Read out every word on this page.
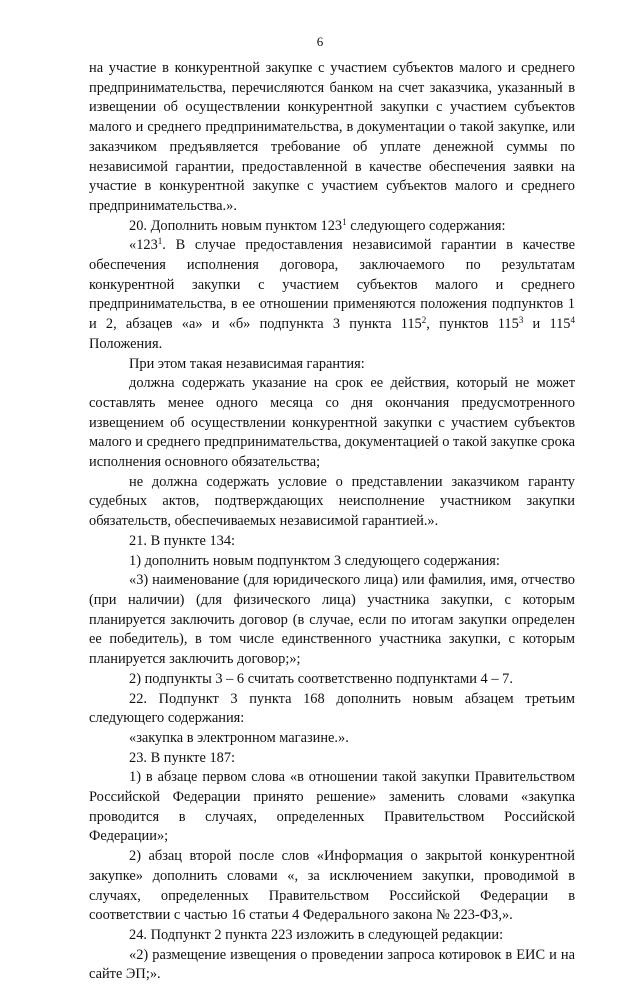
6

на участие в конкурентной закупке с участием субъектов малого и среднего предпринимательства, перечисляются банком на счет заказчика, указанный в извещении об осуществлении конкурентной закупки с участием субъектов малого и среднего предпринимательства, в документации о такой закупке, или заказчиком предъявляется требование об уплате денежной суммы по независимой гарантии, предоставленной в качестве обеспечения заявки на участие в конкурентной закупке с участием субъектов малого и среднего предпринимательства.».

20. Дополнить новым пунктом $123^1$ следующего содержания:

«$123^1$. В случае предоставления независимой гарантии в качестве обеспечения исполнения договора, заключаемого по результатам конкурентной закупки с участием субъектов малого и среднего предпринимательства, в ее отношении применяются положения подпунктов 1 и 2, абзацев «а» и «б» подпункта 3 пункта $115^2$, пунктов $115^3$ и $115^4$ Положения.

При этом такая независимая гарантия:

должна содержать указание на срок ее действия, который не может составлять менее одного месяца со дня окончания предусмотренного извещением об осуществлении конкурентной закупки с участием субъектов малого и среднего предпринимательства, документацией о такой закупке срока исполнения основного обязательства;

не должна содержать условие о представлении заказчиком гаранту судебных актов, подтверждающих неисполнение участником закупки обязательств, обеспечиваемых независимой гарантией.».

21. В пункте 134:

1) дополнить новым подпунктом 3 следующего содержания:

«3) наименование (для юридического лица) или фамилия, имя, отчество (при наличии) (для физического лица) участника закупки, с которым планируется заключить договор (в случае, если по итогам закупки определен ее победитель), в том числе единственного участника закупки, с которым планируется заключить договор;»;

2) подпункты 3 – 6 считать соответственно подпунктами 4 – 7.

22. Подпункт 3 пункта 168 дополнить новым абзацем третьим следующего содержания:

«закупка в электронном магазине.».

23. В пункте 187:

1) в абзаце первом слова «в отношении такой закупки Правительством Российской Федерации принято решение» заменить словами «закупка проводится в случаях, определенных Правительством Российской Федерации»;

2) абзац второй после слов «Информация о закрытой конкурентной закупке» дополнить словами «, за исключением закупки, проводимой в случаях, определенных Правительством Российской Федерации в соответствии с частью 16 статьи 4 Федерального закона № 223-ФЗ,».

24. Подпункт 2 пункта 223 изложить в следующей редакции:

«2) размещение извещения о проведении запроса котировок в ЕИС и на сайте ЭП;».
